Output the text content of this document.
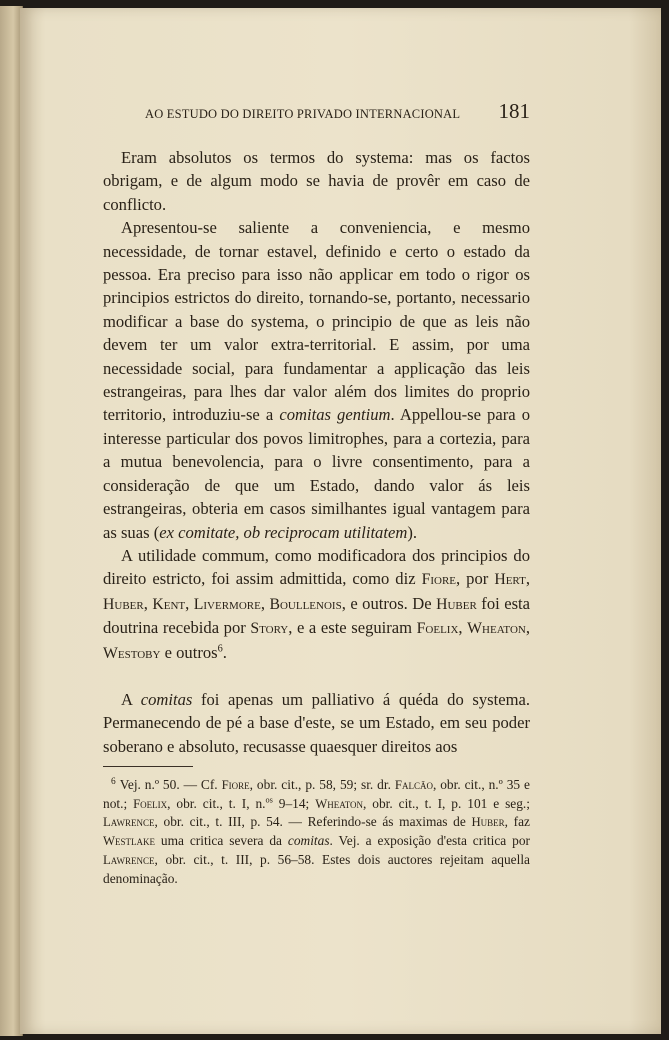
AO ESTUDO DO DIREITO PRIVADO INTERNACIONAL 181

Eram absolutos os termos do systema: mas os factos obrigam, e de algum modo se havia de provêr em caso de conflicto.

Apresentou-se saliente a conveniencia, e mesmo necessidade, de tornar estavel, definido e certo o estado da pessoa. Era preciso para isso não applicar em todo o rigor os principios estrictos do direito, tornando-se, portanto, necessario modificar a base do systema, o principio de que as leis não devem ter um valor extra-territorial. E assim, por uma necessidade social, para fundamentar a applicação das leis estrangeiras, para lhes dar valor além dos limites do proprio territorio, introduziu-se a comitas gentium. Appellou-se para o interesse particular dos povos limitrophes, para a cortezia, para a mutua benevolencia, para o livre consentimento, para a consideração de que um Estado, dando valor ás leis estrangeiras, obteria em casos similhantes igual vantagem para as suas (ex comitate, ob reciprocam utilitatem).

A utilidade commum, como modificadora dos principios do direito estricto, foi assim admittida, como diz Fiore, por Hert, Huber, Kent, Livermore, Boullenois, e outros. De Huber foi esta doutrina recebida por Story, e a este seguiram Foelix, Wheaton, Westoby e outros$^6$.

A comitas foi apenas um palliativo á quéda do systema. Permanecendo de pé a base d'este, se um Estado, em seu poder soberano e absoluto, recusasse quaesquer direitos aos

$^6$ Vej. n.º 50. — Cf. Fiore, obr. cit., p. 58, 59; sr. dr. Falcão, obr. cit., n.º 35 e not.; Foelix, obr. cit., t. I, n.$^{os}$ 9–14; Wheaton, obr. cit., t. I, p. 101 e seg.; Lawrence, obr. cit., t. III, p. 54. — Referindo-se ás maximas de Huber, faz Westlake uma critica severa da comitas. Vej. a exposição d'esta critica por Lawrence, obr. cit., t. III, p. 56–58. Estes dois auctores rejeitam aquella denominação.
